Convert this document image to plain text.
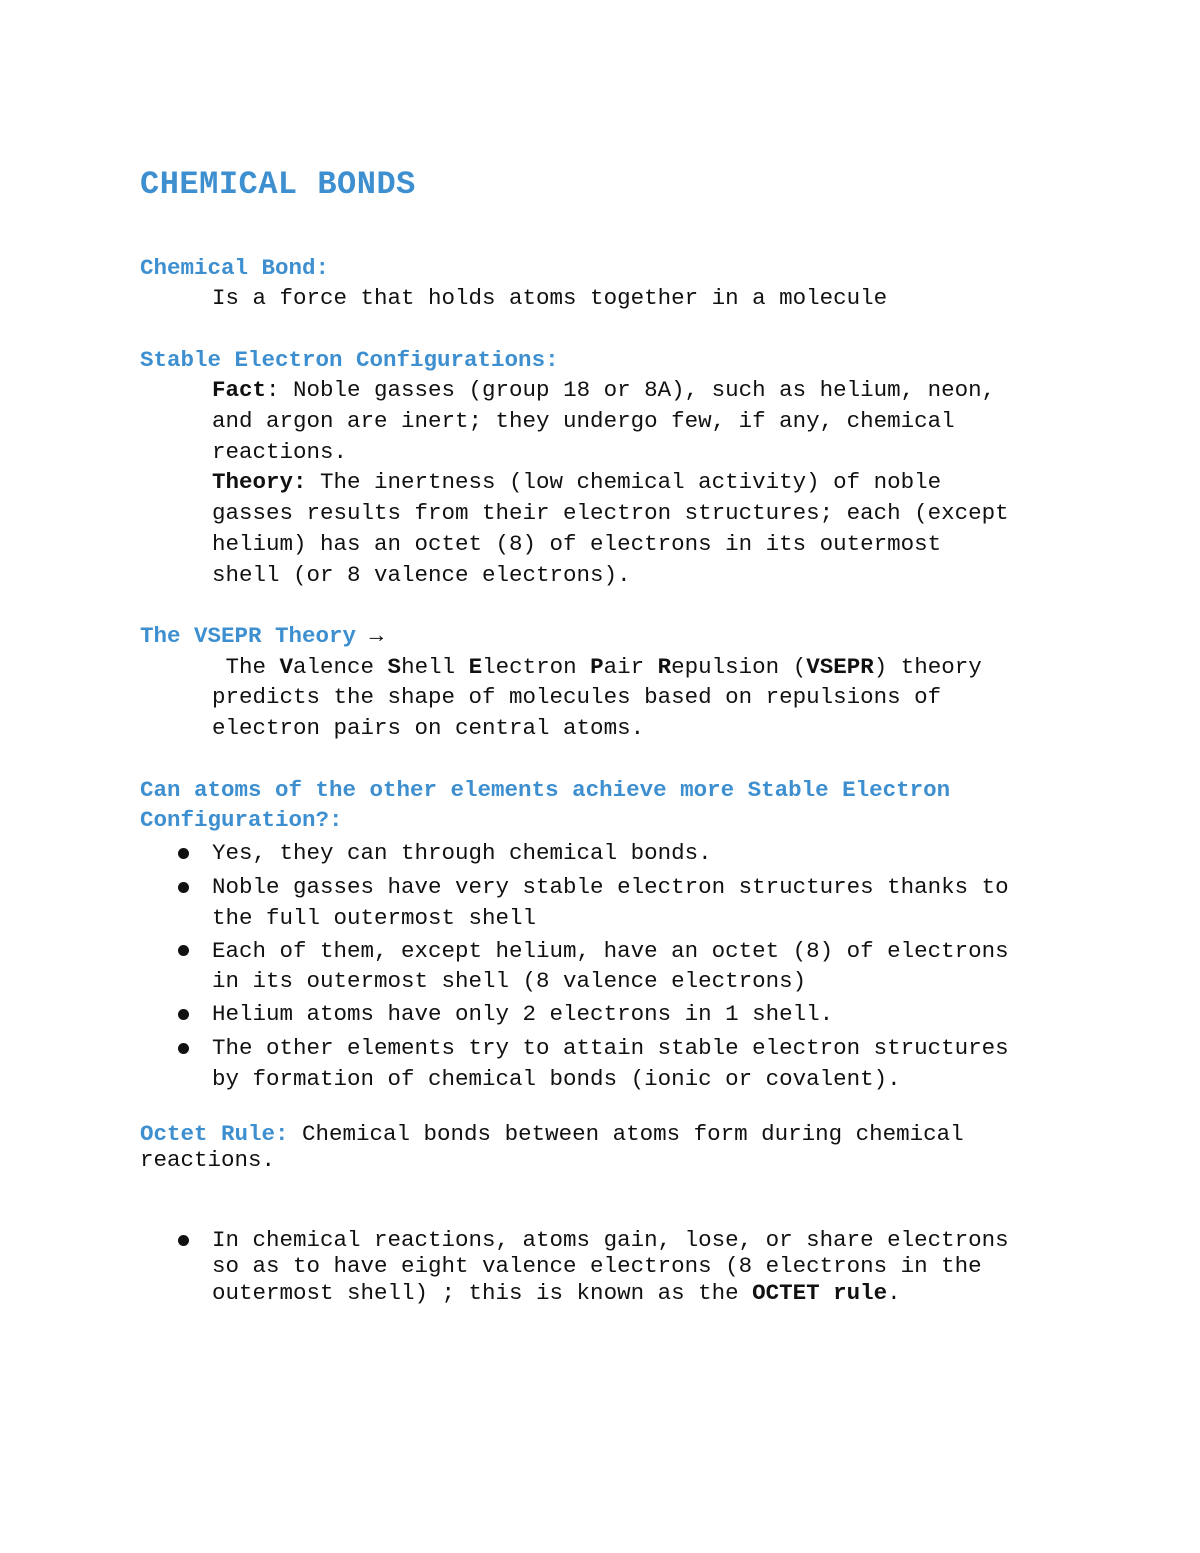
CHEMICAL BONDS
Chemical Bond:
Is a force that holds atoms together in a molecule
Stable Electron Configurations:
Fact: Noble gasses (group 18 or 8A), such as helium, neon,
and argon are inert; they undergo few, if any, chemical
reactions.
Theory: The inertness (low chemical activity) of noble
gasses results from their electron structures; each (except
helium) has an octet (8) of electrons in its outermost
shell (or 8 valence electrons).
The VSEPR Theory →
The Valence Shell Electron Pair Repulsion (VSEPR) theory
predicts the shape of molecules based on repulsions of
electron pairs on central atoms.
Can atoms of the other elements achieve more Stable Electron
Configuration?:
Yes, they can through chemical bonds.
Noble gasses have very stable electron structures thanks to
the full outermost shell
Each of them, except helium, have an octet (8) of electrons
in its outermost shell (8 valence electrons)
Helium atoms have only 2 electrons in 1 shell.
The other elements try to attain stable electron structures
by formation of chemical bonds (ionic or covalent).
Octet Rule: Chemical bonds between atoms form during chemical
reactions.
In chemical reactions, atoms gain, lose, or share electrons
so as to have eight valence electrons (8 electrons in the
outermost shell) ; this is known as the OCTET rule.
